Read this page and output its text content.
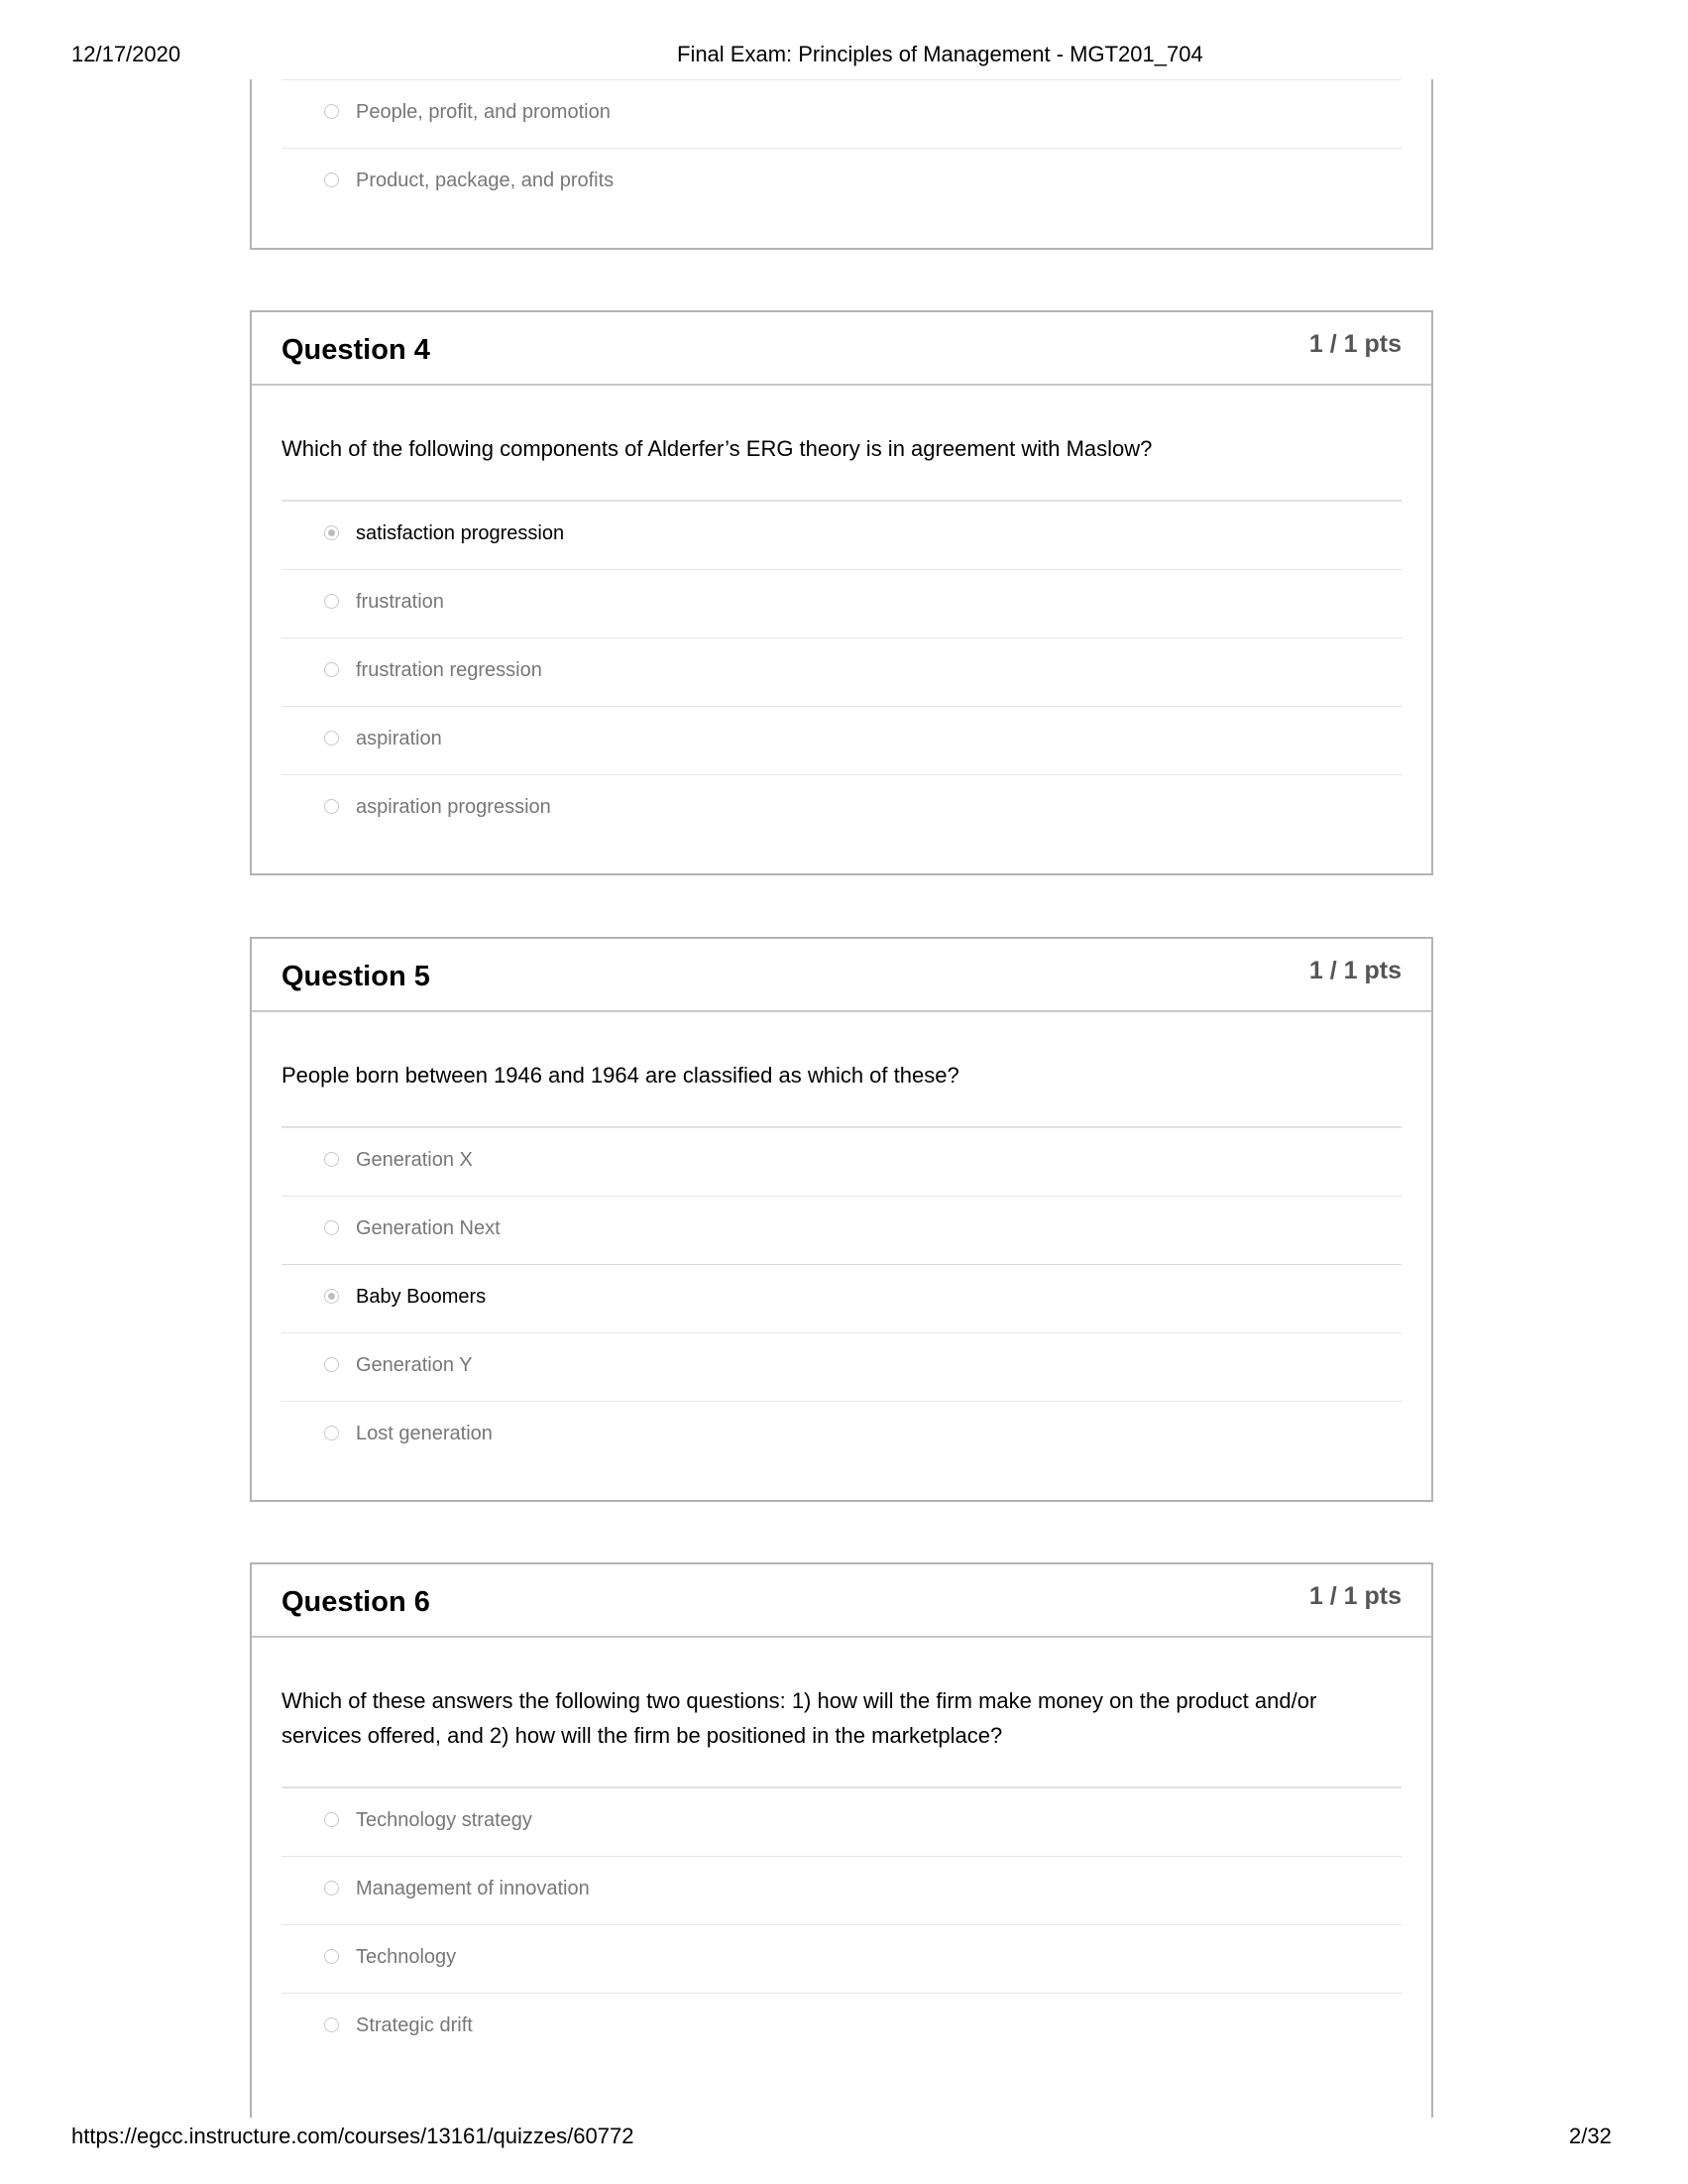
12/17/2020	Final Exam: Principles of Management - MGT201_704
People, profit, and promotion
Product, package, and profits
Question 4	1 / 1 pts
Which of the following components of Alderfer’s ERG theory is in agreement with Maslow?
satisfaction progression
frustration
frustration regression
aspiration
aspiration progression
Question 5	1 / 1 pts
People born between 1946 and 1964 are classified as which of these?
Generation X
Generation Next
Baby Boomers
Generation Y
Lost generation
Question 6	1 / 1 pts
Which of these answers the following two questions: 1) how will the firm make money on the product and/or services offered, and 2) how will the firm be positioned in the marketplace?
Technology strategy
Management of innovation
Technology
Strategic drift
https://egcc.instructure.com/courses/13161/quizzes/60772	2/32
